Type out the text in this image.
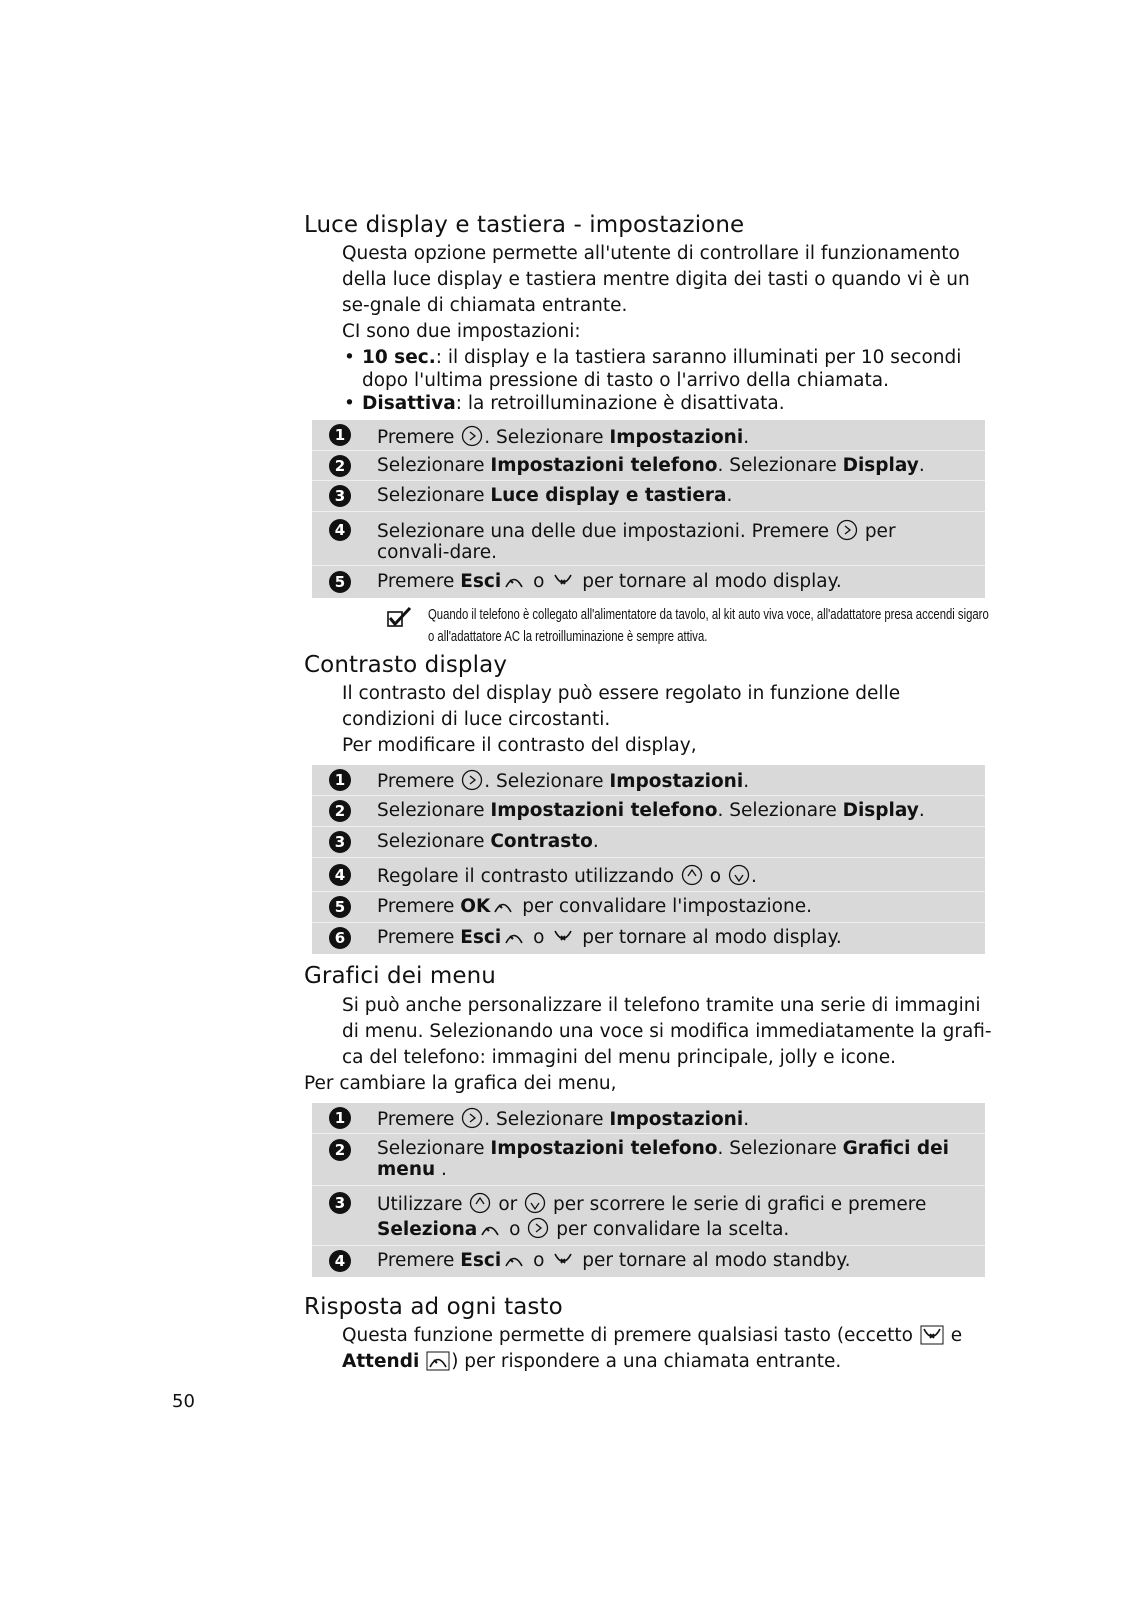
Luce display e tastiera - impostazione

Questa opzione permette all'utente di controllare il funzionamento della luce display e tastiera mentre digita dei tasti o quando vi è un se-gnale di chiamata entrante.

CI sono due impostazioni:

• 10 sec.: il display e la tastiera saranno illuminati per 10 secondi dopo l'ultima pressione di tasto o l'arrivo della chiamata.
• Disattiva: la retroilluminazione è disattivata.
1	Premere . Selezionare Impostazioni.
2	Selezionare Impostazioni telefono. Selezionare Display.
3	Selezionare Luce display e tastiera.
4	Selezionare una delle due impostazioni. Premere  per convali-dare.
5	Premere Esci o  per tornare al modo display.
Quando il telefono è collegato all'alimentatore da tavolo, al kit auto viva voce, all'adattatore presa accendi sigaro o all'adattatore AC la retroilluminazione è sempre attiva.
Contrasto display

Il contrasto del display può essere regolato in funzione delle condizioni di luce circostanti.

Per modificare il contrasto del display,

1	Premere . Selezionare Impostazioni.
2	Selezionare Impostazioni telefono. Selezionare Display.
3	Selezionare Contrasto.
4	Regolare il contrasto utilizzando  o .
5	Premere OK per convalidare l'impostazione.
6	Premere Esci o  per tornare al modo display.
Grafici dei menu

Si può anche personalizzare il telefono tramite una serie di immagini di menu. Selezionando una voce si modifica immediatamente la grafi-ca del telefono: immagini del menu principale, jolly e icone.

Per cambiare la grafica dei menu,

1	Premere . Selezionare Impostazioni.
2	Selezionare Impostazioni telefono. Selezionare Grafici dei menu .
3	Utilizzare  or  per scorrere le serie di grafici e premere Seleziona o  per convalidare la scelta.
4	Premere Esci o  per tornare al modo standby.
Risposta ad ogni tasto

Questa funzione permette di premere qualsiasi tasto (eccetto  e
Attendi ) per rispondere a una chiamata entrante.

50
